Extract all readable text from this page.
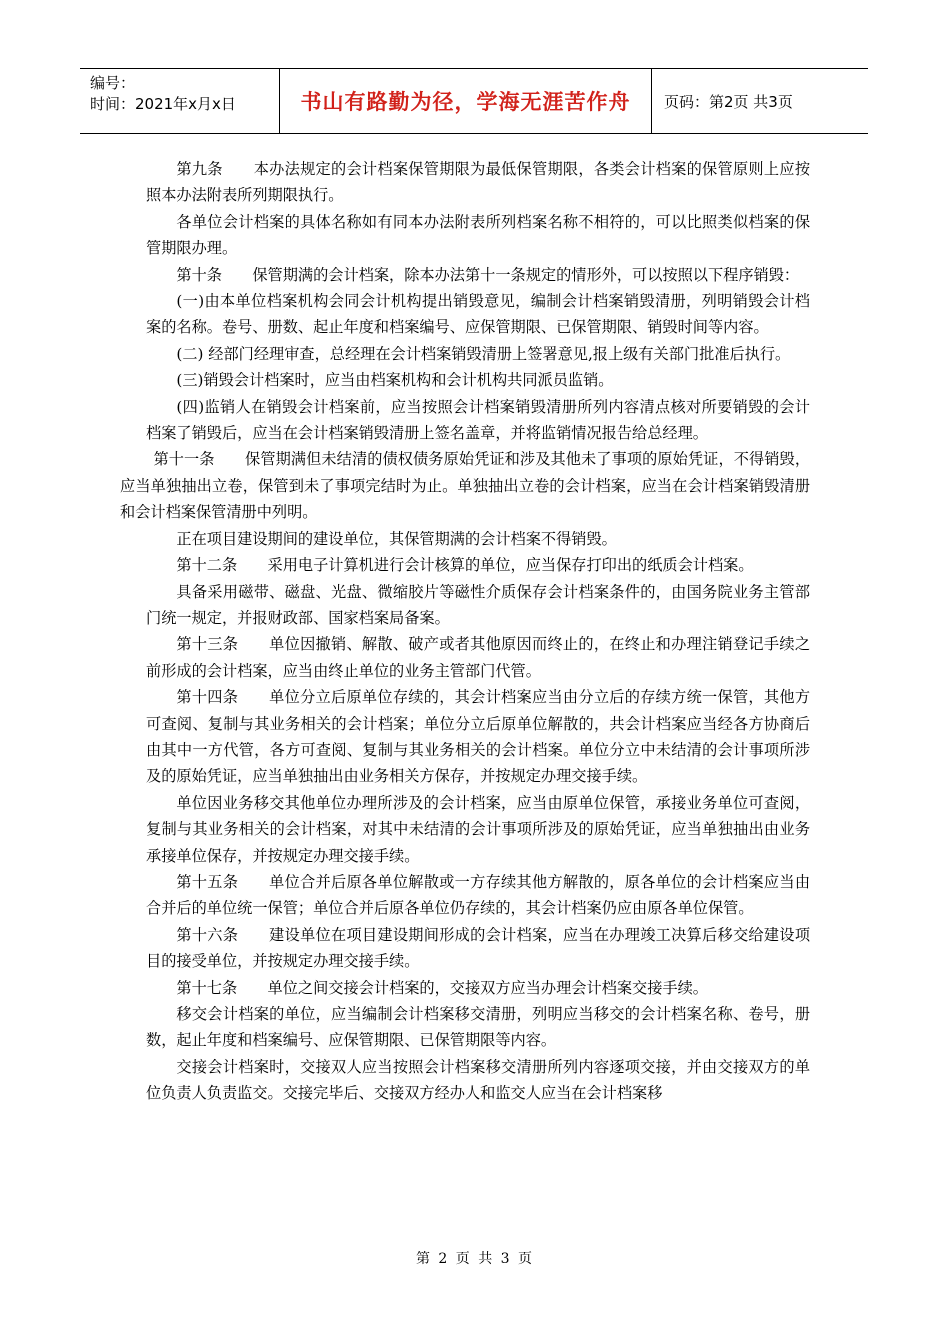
编号：
时间：2021年x月x日	书山有路勤为径，学海无涯苦作舟	页码：第2页 共3页

第九条　　本办法规定的会计档案保管期限为最低保管期限，各类会计档案的保管原则上应按照本办法附表所列期限执行。

各单位会计档案的具体名称如有同本办法附表所列档案名称不相符的，可以比照类似档案的保管期限办理。

第十条　　保管期满的会计档案，除本办法第十一条规定的情形外，可以按照以下程序销毁：

(一)由本单位档案机构会同会计机构提出销毁意见，编制会计档案销毁清册，列明销毁会计档案的名称。卷号、册数、起止年度和档案编号、应保管期限、已保管期限、销毁时间等内容。

(二) 经部门经理审查，总经理在会计档案销毁清册上签署意见,报上级有关部门批准后执行。

(三)销毁会计档案时，应当由档案机构和会计机构共同派员监销。

(四)监销人在销毁会计档案前，应当按照会计档案销毁清册所列内容清点核对所要销毁的会计档案了销毁后，应当在会计档案销毁清册上签名盖章，并将监销情况报告给总经理。

第十一条　　保管期满但未结清的债权债务原始凭证和涉及其他未了事项的原始凭证，不得销毁，应当单独抽出立卷，保管到未了事项完结时为止。单独抽出立卷的会计档案，应当在会计档案销毁清册和会计档案保管清册中列明。

正在项目建设期间的建设单位，其保管期满的会计档案不得销毁。

第十二条　　采用电子计算机进行会计核算的单位，应当保存打印出的纸质会计档案。

具备采用磁带、磁盘、光盘、微缩胶片等磁性介质保存会计档案条件的，由国务院业务主管部门统一规定，并报财政部、国家档案局备案。

第十三条　　单位因撤销、解散、破产或者其他原因而终止的，在终止和办理注销登记手续之前形成的会计档案，应当由终止单位的业务主管部门代管。

第十四条　　单位分立后原单位存续的，其会计档案应当由分立后的存续方统一保管，其他方可查阅、复制与其业务相关的会计档案；单位分立后原单位解散的，共会计档案应当经各方协商后由其中一方代管，各方可查阅、复制与其业务相关的会计档案。单位分立中未结清的会计事项所涉及的原始凭证，应当单独抽出由业务相关方保存，并按规定办理交接手续。

单位因业务移交其他单位办理所涉及的会计档案，应当由原单位保管，承接业务单位可查阅，复制与其业务相关的会计档案，对其中未结清的会计事项所涉及的原始凭证，应当单独抽出由业务承接单位保存，并按规定办理交接手续。

第十五条　　单位合并后原各单位解散或一方存续其他方解散的，原各单位的会计档案应当由合并后的单位统一保管；单位合并后原各单位仍存续的，其会计档案仍应由原各单位保管。

第十六条　　建设单位在项目建设期间形成的会计档案，应当在办理竣工决算后移交给建设项目的接受单位，并按规定办理交接手续。

第十七条　　单位之间交接会计档案的，交接双方应当办理会计档案交接手续。

移交会计档案的单位，应当编制会计档案移交清册，列明应当移交的会计档案名称、卷号，册数，起止年度和档案编号、应保管期限、已保管期限等内容。

交接会计档案时，交接双人应当按照会计档案移交清册所列内容逐项交接，并由交接双方的单位负责人负责监交。交接完毕后、交接双方经办人和监交人应当在会计档案移

第 2 页 共 3 页
